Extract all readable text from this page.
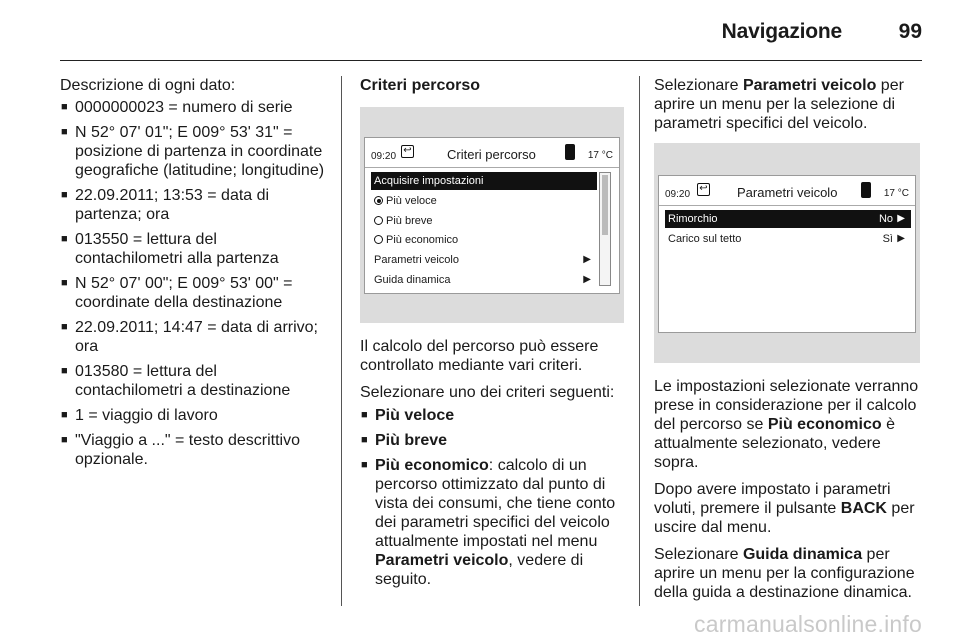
Navigazione	99

Descrizione di ogni dato:

■ 0000000023 = numero di serie
■ N 52° 07' 01"; E 009° 53' 31" = posizione di partenza in coordinate geografiche (latitudine; longitudine)
■ 22.09.2011; 13:53 = data di partenza; ora
■ 013550 = lettura del contachilometri alla partenza
■ N 52° 07' 00"; E 009° 53' 00" = coordinate della destinazione
■ 22.09.2011; 14:47 = data di arrivo; ora
■ 013580 = lettura del contachilometri a destinazione
■ 1 = viaggio di lavoro
■ "Viaggio a ..." = testo descrittivo opzionale.

Criteri percorso

09:20
↩	Criteri percorso	17 °C
Acquisire impostazioni
Più veloce
Più breve
Più economico
Parametri veicolo	▶
Guida dinamica	▶

Il calcolo del percorso può essere controllato mediante vari criteri.

Selezionare uno dei criteri seguenti:

■ Più veloce
■ Più breve
■ Più economico: calcolo di un percorso ottimizzato dal punto di vista dei consumi, che tiene conto dei parametri specifici del veicolo attualmente impostati nel menu Parametri veicolo, vedere di seguito.

Selezionare Parametri veicolo per aprire un menu per la selezione di parametri specifici del veicolo.

09:20
↩ Parametri veicolo	17 °C
Rimorchio	No ▶
Carico sul tetto	Sì ▶

Le impostazioni selezionate verranno prese in considerazione per il calcolo del percorso se Più economico è attualmente selezionato, vedere sopra.

Dopo avere impostato i parametri voluti, premere il pulsante BACK per uscire dal menu.

Selezionare Guida dinamica per aprire un menu per la configurazione della guida a destinazione dinamica.

carmanualsonline.info
